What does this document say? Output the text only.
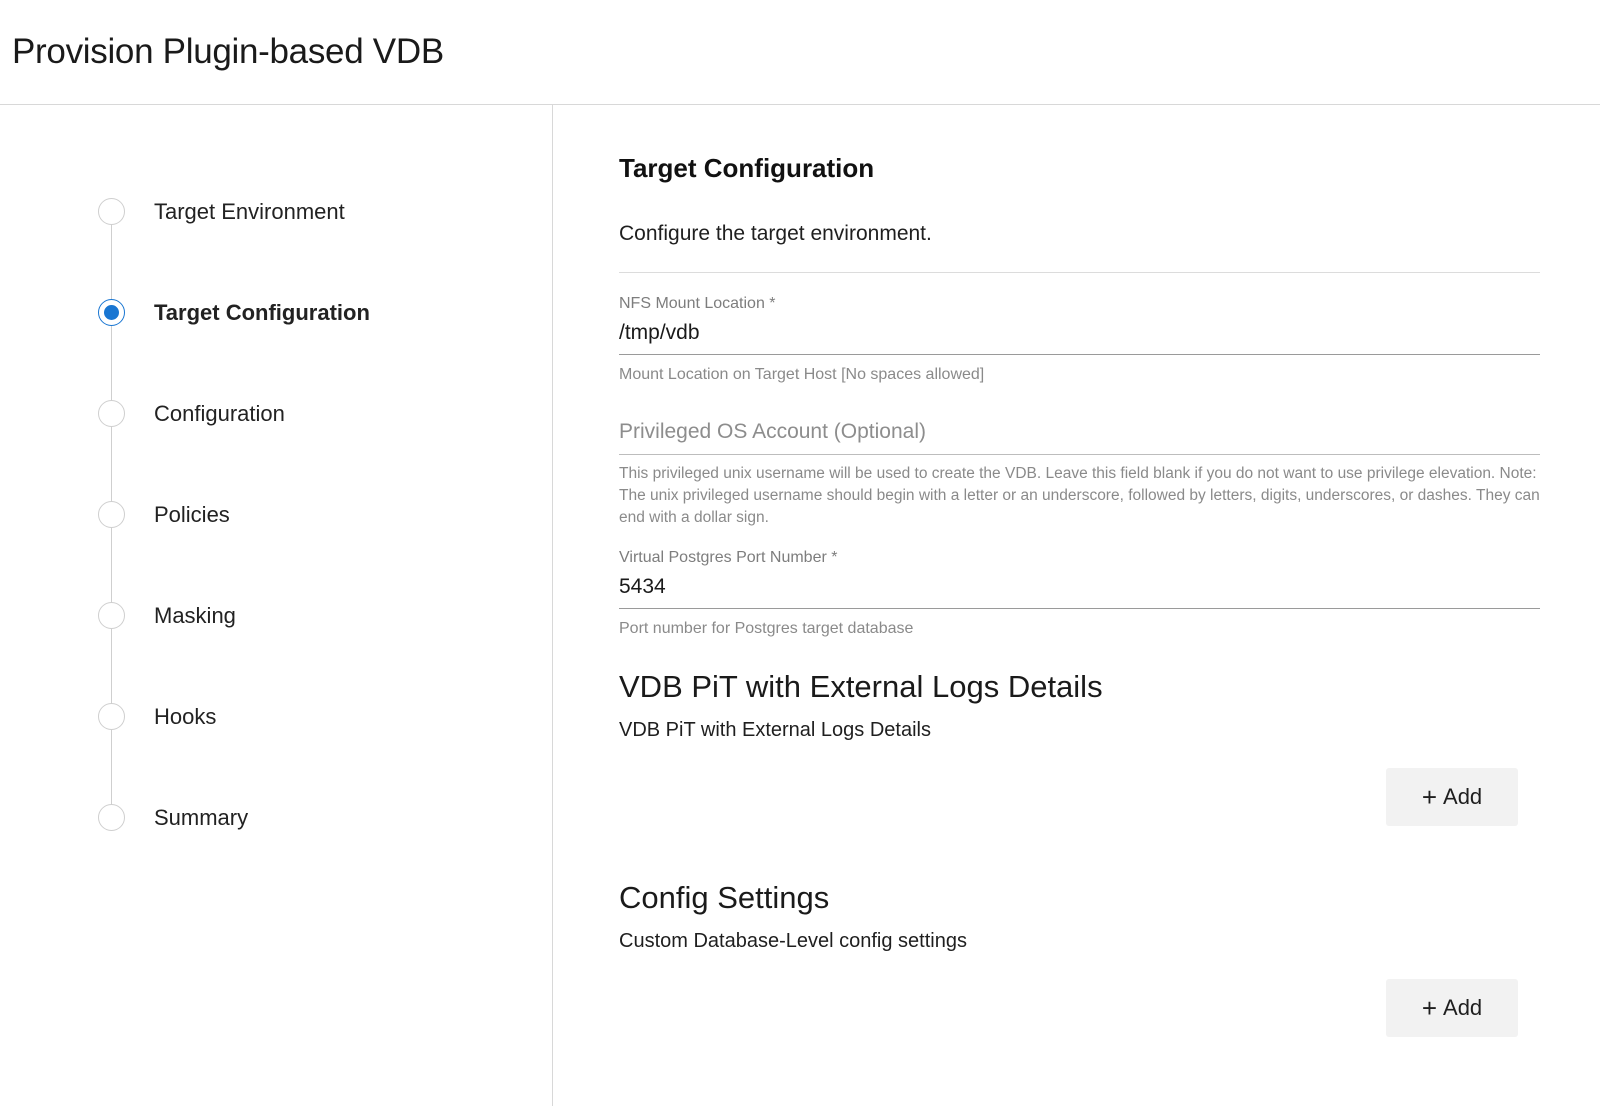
Provision Plugin-based VDB
Target Environment
Target Configuration
Configuration
Policies
Masking
Hooks
Summary
Target Configuration

Configure the target environment.

NFS Mount Location *
/tmp/vdb
Mount Location on Target Host [No spaces allowed]
Privileged OS Account (Optional)
This privileged unix username will be used to create the VDB. Leave this field blank if you do not want to use privilege elevation. Note: The unix privileged username should begin with a letter or an underscore, followed by letters, digits, underscores, or dashes. They can end with a dollar sign.
Virtual Postgres Port Number *
5434
Port number for Postgres target database
VDB PiT with External Logs Details

VDB PiT with External Logs Details

+ Add
Config Settings

Custom Database-Level config settings

+ Add
